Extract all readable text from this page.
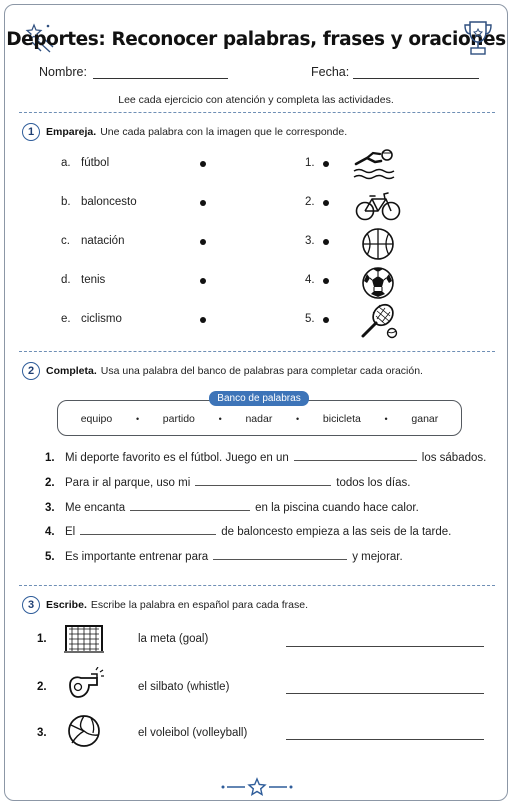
Deportes: Reconocer palabras, frases y oraciones
Nombre:	Fecha:
Lee cada ejercicio con atención y completa las actividades.
1	Empareja. Une cada palabra con la imagen que le corresponde.
a. fútbol
b. baloncesto
c. natación
d. tenis
e. ciclismo
1.
2.
3.
4.
5.
2	Completa. Usa una palabra del banco de palabras para completar cada oración.
Banco de palabras
equipo	• partido	• nadar	• bicicleta	• ganar
1. Mi deporte favorito es el fútbol. Juego en un	los sábados.
2. Para ir al parque, uso mi	todos los días.
3. Me encanta	en la piscina cuando hace calor.
4. El	de baloncesto empieza a las seis de la tarde.
5. Es importante entrenar para	y mejorar.
3	Escribe. Escribe la palabra en español para cada frase.
1.	la meta (goal)
2.	el silbato (whistle)
3.	el voleibol (volleyball)
